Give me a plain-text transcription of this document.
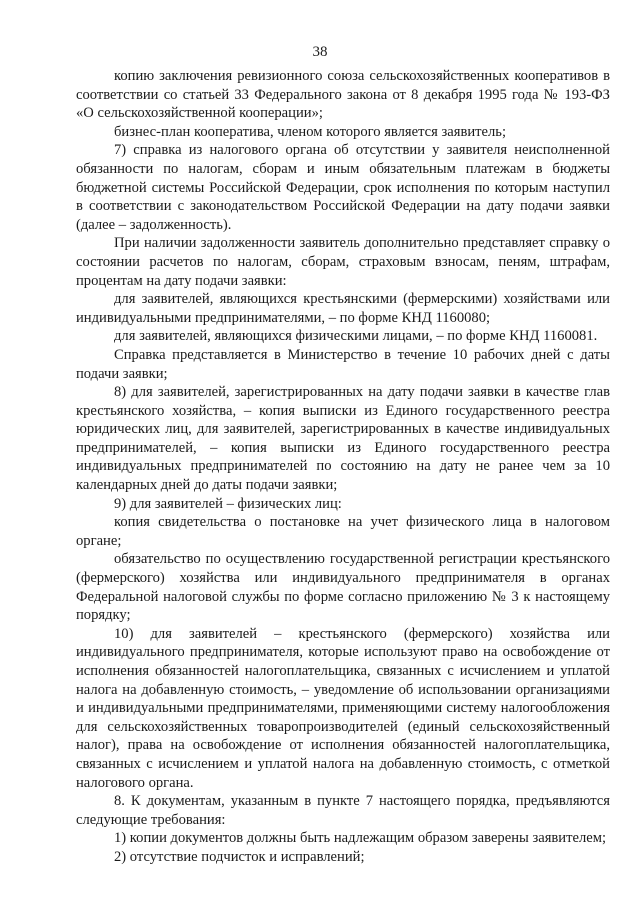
38

копию заключения ревизионного союза сельскохозяйственных кооперативов в соответствии со статьей 33 Федерального закона от 8 декабря 1995 года № 193-ФЗ «О сельскохозяйственной кооперации»;

бизнес-план кооператива, членом которого является заявитель;

7) справка из налогового органа об отсутствии у заявителя неисполненной обязанности по налогам, сборам и иным обязательным платежам в бюджеты бюджетной системы Российской Федерации, срок исполнения по которым наступил в соответствии с законодательством Российской Федерации на дату подачи заявки (далее – задолженность).

При наличии задолженности заявитель дополнительно представляет справку о состоянии расчетов по налогам, сборам, страховым взносам, пеням, штрафам, процентам на дату подачи заявки:

для заявителей, являющихся крестьянскими (фермерскими) хозяйствами или индивидуальными предпринимателями, – по форме КНД 1160080;

для заявителей, являющихся физическими лицами, – по форме КНД 1160081.

Справка представляется в Министерство в течение 10 рабочих дней с даты подачи заявки;

8) для заявителей, зарегистрированных на дату подачи заявки в качестве глав крестьянского хозяйства, – копия выписки из Единого государственного реестра юридических лиц, для заявителей, зарегистрированных в качестве индивидуальных предпринимателей, – копия выписки из Единого государственного реестра индивидуальных предпринимателей по состоянию на дату не ранее чем за 10 календарных дней до даты подачи заявки;

9) для заявителей – физических лиц:

копия свидетельства о постановке на учет физического лица в налоговом органе;

обязательство по осуществлению государственной регистрации крестьянского (фермерского) хозяйства или индивидуального предпринимателя в органах Федеральной налоговой службы по форме согласно приложению № 3 к настоящему порядку;

10) для заявителей – крестьянского (фермерского) хозяйства или индивидуального предпринимателя, которые используют право на освобождение от исполнения обязанностей налогоплательщика, связанных с исчислением и уплатой налога на добавленную стоимость, – уведомление об использовании организациями и индивидуальными предпринимателями, применяющими систему налогообложения для сельскохозяйственных товаропроизводителей (единый сельскохозяйственный налог), права на освобождение от исполнения обязанностей налогоплательщика, связанных с исчислением и уплатой налога на добавленную стоимость, с отметкой налогового органа.

8. К документам, указанным в пункте 7 настоящего порядка, предъявляются следующие требования:

1) копии документов должны быть надлежащим образом заверены заявителем;

2) отсутствие подчисток и исправлений;
